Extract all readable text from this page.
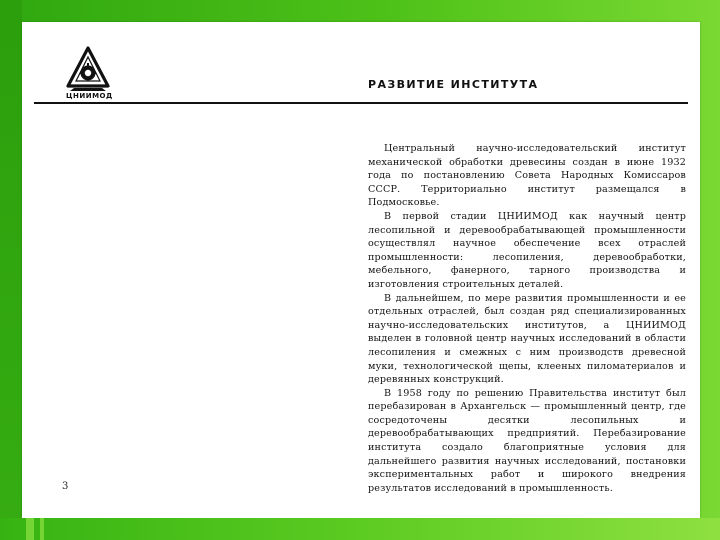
ЦНИИМОД
РАЗВИТИЕ ИНСТИТУТА

Центральный научно-исследовательский институт механической обработки древесины создан в июне 1932 года по постановлению Совета Народных Комиссаров СССР. Территориально институт размещался в Подмосковье.

В первой стадии ЦНИИМОД как научный центр лесопильной и деревообрабатывающей промышленности осуществлял научное обеспечение всех отраслей промышленности: лесопиления, деревообработки, мебельного, фанерного, тарного производства и изготовления строительных деталей.

В дальнейшем, по мере развития промышленности и ее отдельных отраслей, был создан ряд специализированных научно-исследовательских институтов, а ЦНИИМОД выделен в головной центр научных исследований в области лесопиления и смежных с ним производств древесной муки, технологической щепы, клееных пиломатериалов и деревянных конструкций.

В 1958 году по решению Правительства институт был перебазирован в Архангельск — промышленный центр, где сосредоточены десятки лесопильных и деревообрабатывающих предприятий. Перебазирование института создало благоприятные условия для дальнейшего развития научных исследований, постановки экспериментальных работ и широкого внедрения результатов исследований в промышленность.

3
